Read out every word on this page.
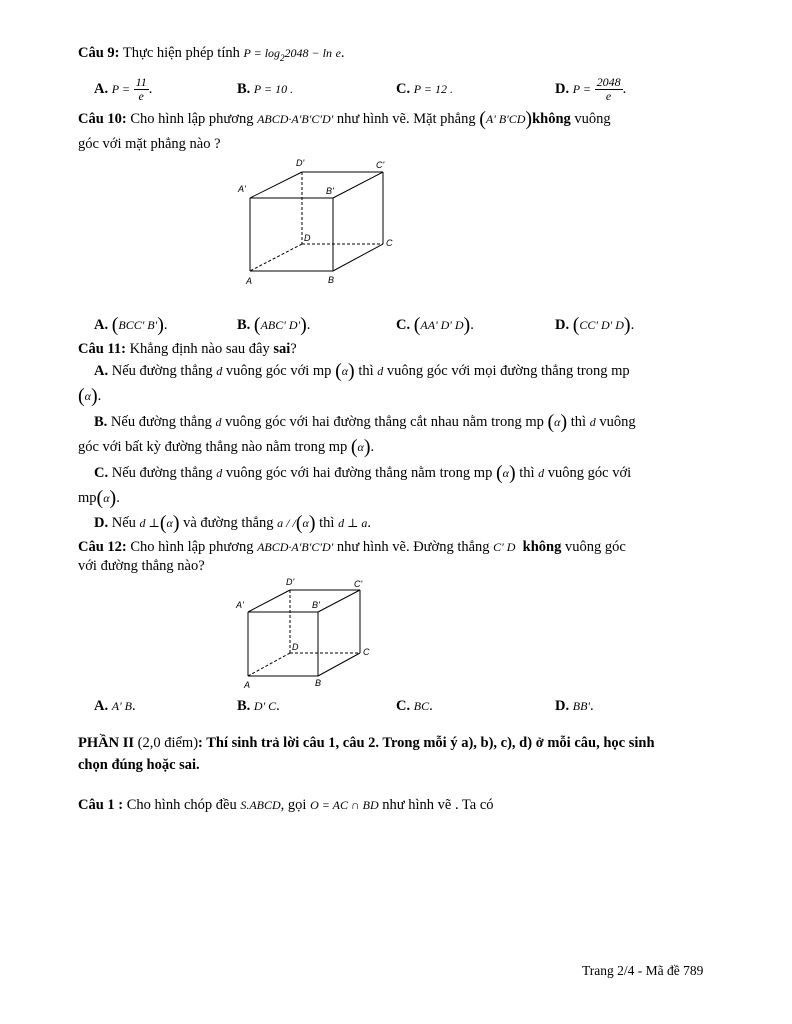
Câu 9: Thực hiện phép tính $P = \log_22048 - \ln e$.
A. $P = \frac{11}{e}$ .	B. P = 10 .	C. P = 12 .	D. $P = \frac{2048}{e}$ .
Câu 10: Cho hình lập phương ABCD·A′B′C′D′ như hình vẽ. Mặt phẳng (A' B'CD)không vuông
góc với mặt phẳng nào ?
D'	C'
A'	B'
D	C
A	B
A. (BCC' B').	B. (ABC' D').	C. (AA' D' D).	D. (CC' D' D).
Câu 11: Khẳng định nào sau đây sai?
A. Nếu đường thẳng d vuông góc với mp (α) thì d vuông góc với mọi đường thẳng trong mp
(α).
B. Nếu đường thẳng d vuông góc với hai đường thẳng cắt nhau nằm trong mp (α) thì d vuông
góc với bất kỳ đường thẳng nào nằm trong mp (α).
C. Nếu đường thẳng d vuông góc với hai đường thẳng nằm trong mp (α) thì d vuông góc với
mp(α).
D. Nếu d ⊥(α) và đường thẳng a / /(α) thì d ⊥ a.
Câu 12: Cho hình lập phương ABCD·A′B′C′D′ như hình vẽ. Đường thẳng C' D không vuông góc
với đường thẳng nào?
D'	C'
A'	B'
D	C
A	B
A. A' B.	B. D' C.	C. BC.	D. BB'.
PHẦN II (2,0 điểm): Thí sinh trả lời câu 1, câu 2. Trong mỗi ý a), b), c), d) ở mỗi câu, học sinh
chọn đúng hoặc sai.
Câu 1 : Cho hình chóp đều S.ABCD, gọi O = AC ∩ BD như hình vẽ . Ta có
Trang 2/4 - Mã đề 789
